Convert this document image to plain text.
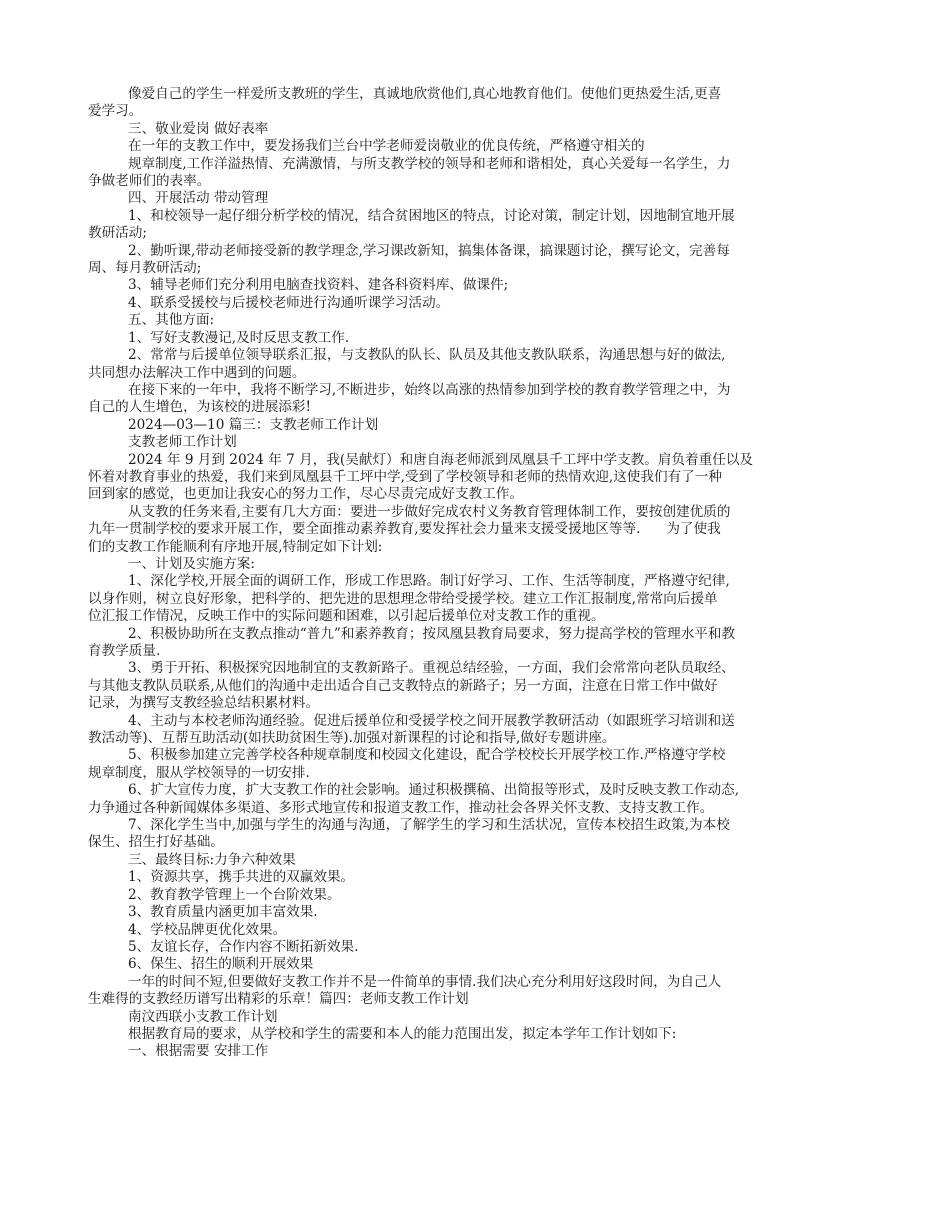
像爱自己的学生一样爱所支教班的学生，真诚地欣赏他们,真心地教育他们。使他们更热爱生活,更喜

爱学习。

三、敬业爱岗 做好表率

在一年的支教工作中，要发扬我们兰台中学老师爱岗敬业的优良传统，严格遵守相关的

规章制度,工作洋溢热情、充满激情，与所支教学校的领导和老师和谐相处，真心关爱每一名学生，力

争做老师们的表率。

四、开展活动 带动管理

1、和校领导一起仔细分析学校的情况，结合贫困地区的特点，讨论对策，制定计划，因地制宜地开展

教研活动;

2、勤听课,带动老师接受新的教学理念,学习课改新知，搞集体备课，搞课题讨论，撰写论文，完善每

周、每月教研活动;

3、辅导老师们充分利用电脑查找资料、建各科资料库、做课件;

4、联系受援校与后援校老师进行沟通听课学习活动。

五、其他方面:

1、写好支教漫记,及时反思支教工作.

2、常常与后援单位领导联系汇报，与支教队的队长、队员及其他支教队联系，沟通思想与好的做法,

共同想办法解决工作中遇到的问题。

在接下来的一年中，我将不断学习,不断进步，始终以高涨的热情参加到学校的教育教学管理之中，为

自己的人生增色，为该校的进展添彩!

2024—03—10 篇三：支教老师工作计划

支教老师工作计划

2024 年 9 月到 2024 年 7 月，我(吴献灯）和唐自海老师派到凤凰县千工坪中学支教。肩负着重任以及

怀着对教育事业的热爱，我们来到凤凰县千工坪中学,受到了学校领导和老师的热情欢迎,这使我们有了一种

回到家的感觉，也更加让我安心的努力工作，尽心尽责完成好支教工作。

从支教的任务来看,主要有几大方面：要进一步做好完成农村义务教育管理体制工作，要按创建优质的

九年一贯制学校的要求开展工作，要全面推动素养教育,要发挥社会力量来支援受援地区等等.      为了使我

们的支教工作能顺利有序地开展,特制定如下计划:

一、计划及实施方案:

1、深化学校,开展全面的调研工作，形成工作思路。制订好学习、工作、生活等制度，严格遵守纪律,

以身作则，树立良好形象，把科学的、把先进的思想理念带给受援学校。建立工作汇报制度,常常向后援单

位汇报工作情况，反映工作中的实际问题和困难，以引起后援单位对支教工作的重视。

2、积极协助所在支教点推动“普九”和素养教育；按凤凰县教育局要求，努力提高学校的管理水平和教

育教学质量.

3、勇于开拓、积极探究因地制宜的支教新路子。重视总结经验，一方面，我们会常常向老队员取经、

与其他支教队员联系,从他们的沟通中走出适合自己支教特点的新路子；另一方面，注意在日常工作中做好

记录，为撰写支教经验总结积累材料。

4、主动与本校老师沟通经验。促进后援单位和受援学校之间开展教学教研活动（如跟班学习培训和送

教活动等)、互帮互助活动(如扶助贫困生等).加强对新课程的讨论和指导,做好专题讲座。

5、积极参加建立完善学校各种规章制度和校园文化建设，配合学校校长开展学校工作.严格遵守学校

规章制度，服从学校领导的一切安排.

6、扩大宣传力度，扩大支教工作的社会影响。通过积极撰稿、出简报等形式，及时反映支教工作动态,

力争通过各种新闻媒体多渠道、多形式地宣传和报道支教工作，推动社会各界关怀支教、支持支教工作。

7、深化学生当中,加强与学生的沟通与沟通，了解学生的学习和生活状况，宣传本校招生政策,为本校

保生、招生打好基础。

三、最终目标:力争六种效果

1、资源共享，携手共进的双赢效果。

2、教育教学管理上一个台阶效果。

3、教育质量内涵更加丰富效果.

4、学校品牌更优化效果。

5、友谊长存，合作内容不断拓新效果.

6、保生、招生的顺利开展效果

一年的时间不短,但要做好支教工作并不是一件简单的事情.我们决心充分利用好这段时间，为自己人

生难得的支教经历谱写出精彩的乐章！篇四：老师支教工作计划

南汶西联小支教工作计划

根据教育局的要求，从学校和学生的需要和本人的能力范围出发，拟定本学年工作计划如下:

一、根据需要 安排工作
